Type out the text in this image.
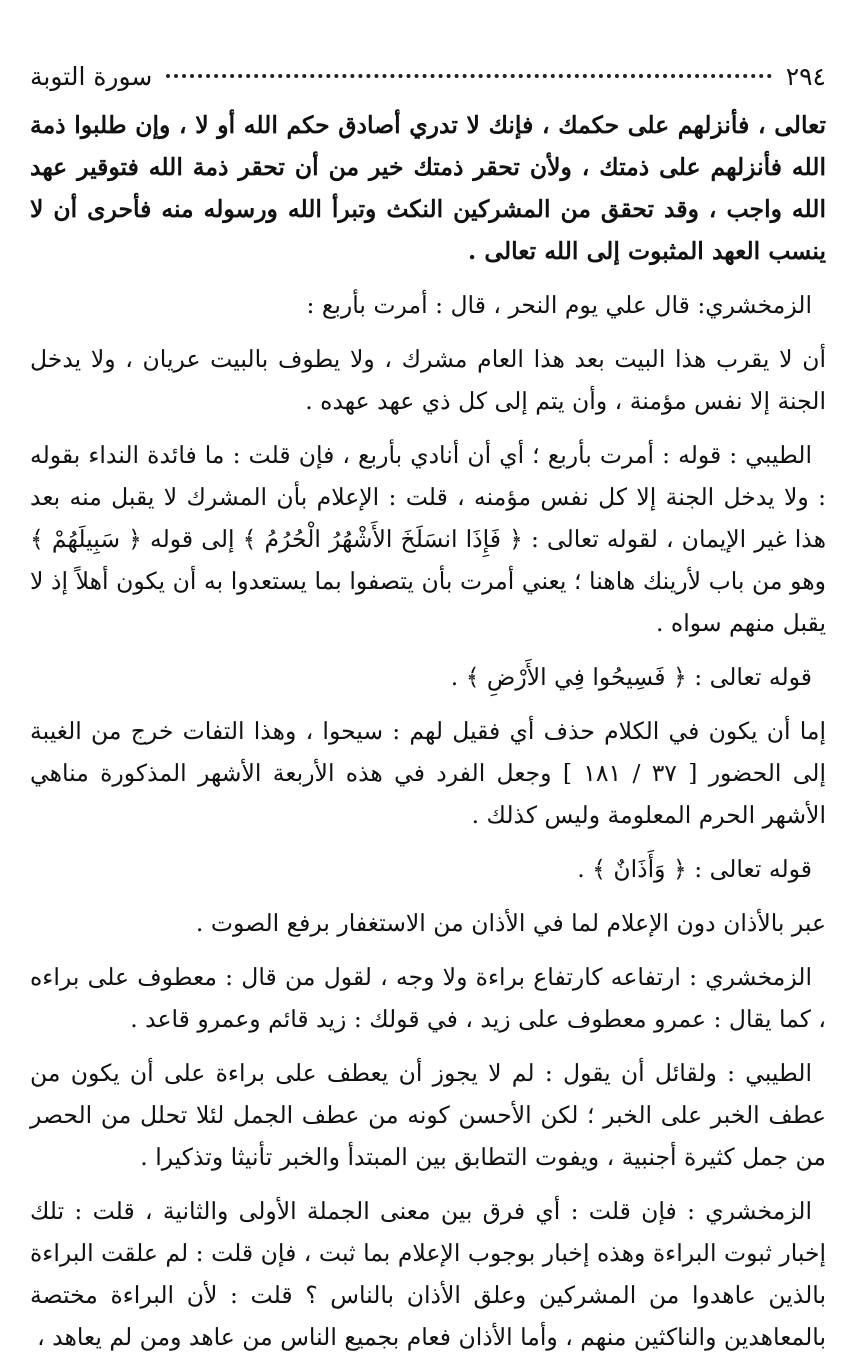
٢٩٤
سورة التوبة

تعالى ، فأنزلهم على حكمك ، فإنك لا تدري أصادق حكم الله أو لا ، وإن طلبوا ذمة الله فأنزلهم على ذمتك ، ولأن تحقر ذمتك خير من أن تحقر ذمة الله فتوقير عهد الله واجب ، وقد تحقق من المشركين النكث وتبرأ الله ورسوله منه فأحرى أن لا ينسب العهد المثبوت إلى الله تعالى .

الزمخشري: قال علي يوم النحر ، قال : أمرت بأربع :

أن لا يقرب هذا البيت بعد هذا العام مشرك ، ولا يطوف بالبيت عريان ، ولا يدخل الجنة إلا نفس مؤمنة ، وأن يتم إلى كل ذي عهد عهده .

الطيبي : قوله : أمرت بأربع ؛ أي أن أنادي بأربع ، فإن قلت : ما فائدة النداء بقوله : ولا يدخل الجنة إلا كل نفس مؤمنه ، قلت : الإعلام بأن المشرك لا يقبل منه بعد هذا غير الإيمان ، لقوله تعالى : ﴿ فَإِذَا انسَلَخَ الأَشْهُرُ الْحُرُمُ ﴾ إلى قوله ﴿ سَبِيلَهُمْ ﴾ وهو من باب لأرينك هاهنا ؛ يعني أمرت بأن يتصفوا بما يستعدوا به أن يكون أهلاً إذ لا يقبل منهم سواه .

قوله تعالى : ﴿ فَسِيحُوا فِي الأَرْضِ ﴾ .

إما أن يكون في الكلام حذف أي فقيل لهم : سيحوا ، وهذا التفات خرج من الغيبة إلى الحضور [ ٣٧ / ١٨١ ] وجعل الفرد في هذه الأربعة الأشهر المذكورة مناهي الأشهر الحرم المعلومة وليس كذلك .

قوله تعالى : ﴿ وَأَذَانٌ ﴾ .

عبر بالأذان دون الإعلام لما في الأذان من الاستغفار برفع الصوت .

الزمخشري : ارتفاعه كارتفاع براءة ولا وجه ، لقول من قال : معطوف على براءه ، كما يقال : عمرو معطوف على زيد ، في قولك : زيد قائم وعمرو قاعد .

الطيبي : ولقائل أن يقول : لم لا يجوز أن يعطف على براءة على أن يكون من عطف الخبر على الخبر ؛ لكن الأحسن كونه من عطف الجمل لئلا تحلل من الحصر من جمل كثيرة أجنبية ، ويفوت التطابق بين المبتدأ والخبر تأنيثا وتذكيرا .

الزمخشري : فإن قلت : أي فرق بين معنى الجملة الأولى والثانية ، قلت : تلك إخبار ثبوت البراءة وهذه إخبار بوجوب الإعلام بما ثبت ، فإن قلت : لم علقت البراءة بالذين عاهدوا من المشركين وعلق الأذان بالناس ؟ قلت : لأن البراءة مختصة بالمعاهدين والناكثين منهم ، وأما الأذان فعام بجميع الناس من عاهد ومن لم يعاهد ،
